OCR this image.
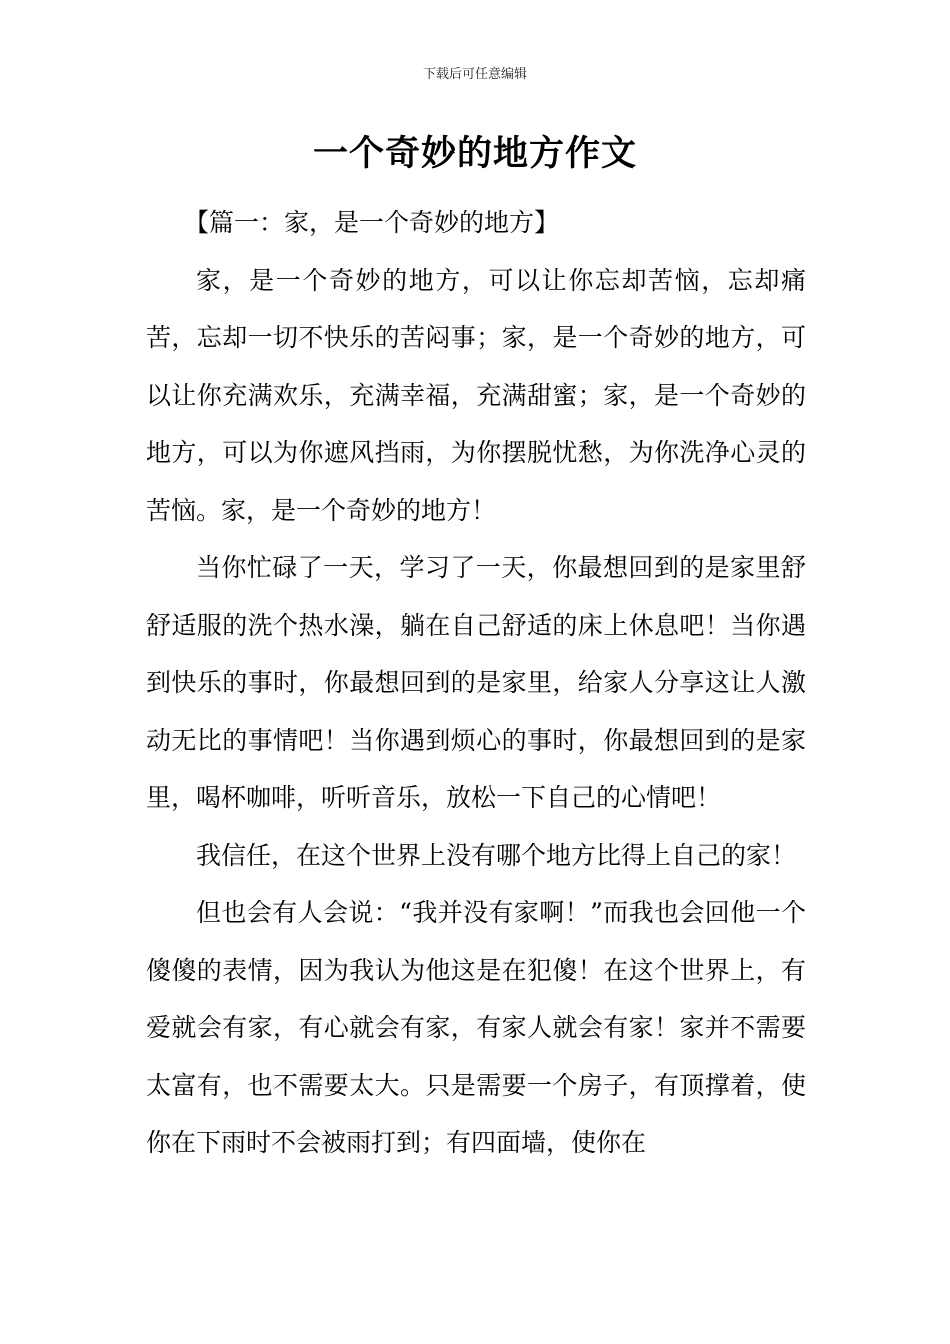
下载后可任意编辑
一个奇妙的地方作文

【篇一：家，是一个奇妙的地方】

家，是一个奇妙的地方，可以让你忘却苦恼，忘却痛苦，忘却一切不快乐的苦闷事；家，是一个奇妙的地方，可以让你充满欢乐，充满幸福，充满甜蜜；家，是一个奇妙的地方，可以为你遮风挡雨，为你摆脱忧愁，为你洗净心灵的苦恼。家，是一个奇妙的地方！

当你忙碌了一天，学习了一天，你最想回到的是家里舒舒适服的洗个热水澡，躺在自己舒适的床上休息吧！当你遇到快乐的事时，你最想回到的是家里，给家人分享这让人激动无比的事情吧！当你遇到烦心的事时，你最想回到的是家里，喝杯咖啡，听听音乐，放松一下自己的心情吧！

我信任，在这个世界上没有哪个地方比得上自己的家！

但也会有人会说：“我并没有家啊！”而我也会回他一个傻傻的表情，因为我认为他这是在犯傻！在这个世界上，有爱就会有家，有心就会有家，有家人就会有家！家并不需要太富有，也不需要太大。只是需要一个房子，有顶撑着，使你在下雨时不会被雨打到；有四面墙，使你在
